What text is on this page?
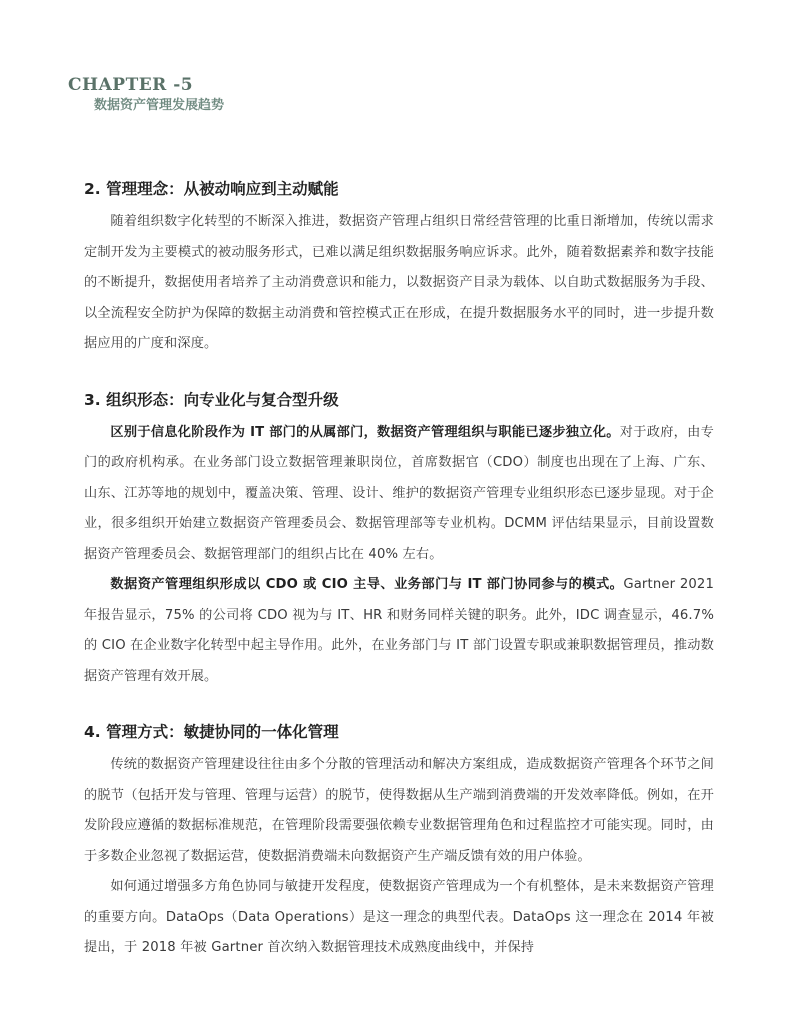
CHAPTER -5
数据资产管理发展趋势
2. 管理理念：从被动响应到主动赋能

随着组织数字化转型的不断深入推进，数据资产管理占组织日常经营管理的比重日渐增加，传统以需求定制开发为主要模式的被动服务形式，已难以满足组织数据服务响应诉求。此外，随着数据素养和数字技能的不断提升，数据使用者培养了主动消费意识和能力，以数据资产目录为载体、以自助式数据服务为手段、以全流程安全防护为保障的数据主动消费和管控模式正在形成，在提升数据服务水平的同时，进一步提升数据应用的广度和深度。

3. 组织形态：向专业化与复合型升级

区别于信息化阶段作为 IT 部门的从属部门，数据资产管理组织与职能已逐步独立化。对于政府，由专门的政府机构承。在业务部门设立数据管理兼职岗位，首席数据官（CDO）制度也出现在了上海、广东、山东、江苏等地的规划中，覆盖决策、管理、设计、维护的数据资产管理专业组织形态已逐步显现。对于企业，很多组织开始建立数据资产管理委员会、数据管理部等专业机构。DCMM 评估结果显示，目前设置数据资产管理委员会、数据管理部门的组织占比在 40% 左右。

数据资产管理组织形成以 CDO 或 CIO 主导、业务部门与 IT 部门协同参与的模式。Gartner 2021 年报告显示，75% 的公司将 CDO 视为与 IT、HR 和财务同样关键的职务。此外，IDC 调查显示，46.7% 的 CIO 在企业数字化转型中起主导作用。此外，在业务部门与 IT 部门设置专职或兼职数据管理员，推动数据资产管理有效开展。

4. 管理方式：敏捷协同的一体化管理

传统的数据资产管理建设往往由多个分散的管理活动和解决方案组成，造成数据资产管理各个环节之间的脱节（包括开发与管理、管理与运营）的脱节，使得数据从生产端到消费端的开发效率降低。例如，在开发阶段应遵循的数据标准规范，在管理阶段需要强依赖专业数据管理角色和过程监控才可能实现。同时，由于多数企业忽视了数据运营，使数据消费端未向数据资产生产端反馈有效的用户体验。

如何通过增强多方角色协同与敏捷开发程度，使数据资产管理成为一个有机整体，是未来数据资产管理的重要方向。DataOps（Data Operations）是这一理念的典型代表。DataOps 这一理念在 2014 年被提出，于 2018 年被 Gartner 首次纳入数据管理技术成熟度曲线中，并保持
